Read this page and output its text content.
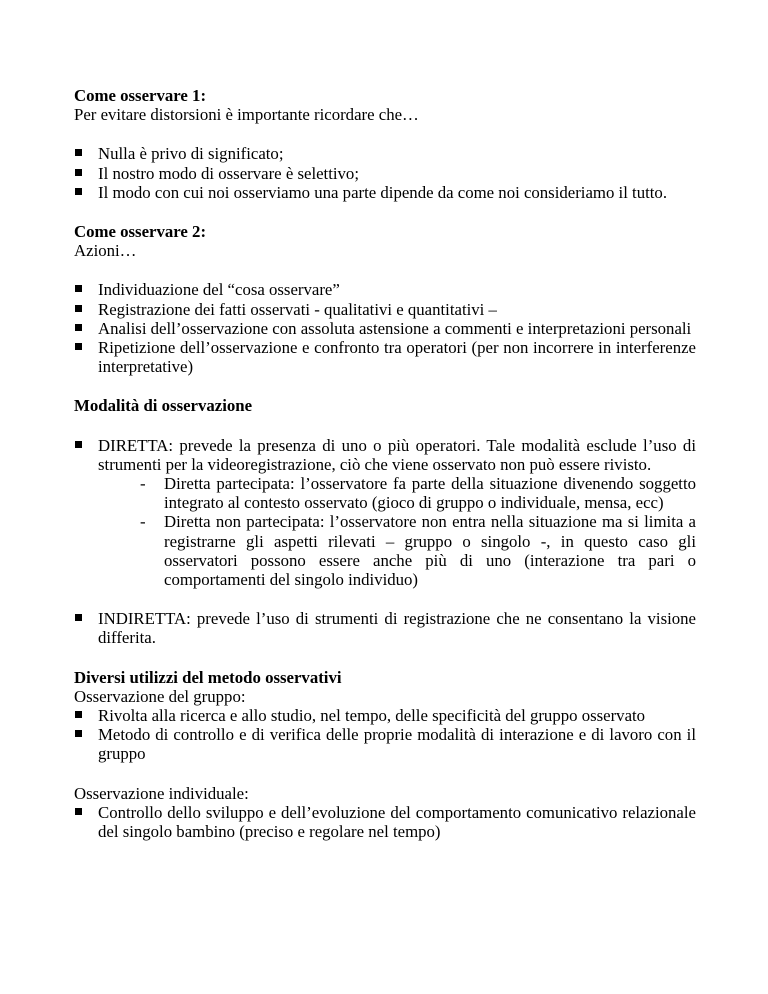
Come osservare 1:

Per evitare distorsioni è importante ricordare che…

Nulla è privo di significato;
Il nostro modo di osservare è selettivo;
Il modo con cui noi osserviamo una parte dipende da come noi consideriamo il tutto.

Come osservare 2:

Azioni…

Individuazione del “cosa osservare”
Registrazione dei fatti osservati - qualitativi e quantitativi –
Analisi dell’osservazione con assoluta astensione a commenti e interpretazioni personali
Ripetizione dell’osservazione e confronto tra operatori (per non incorrere in interferenze interpretative)

Modalità di osservazione

DIRETTA: prevede la presenza di uno o più operatori. Tale modalità esclude l’uso di strumenti per la videoregistrazione, ciò che viene osservato non può essere rivisto.
- Diretta partecipata: l’osservatore fa parte della situazione divenendo soggetto integrato al contesto osservato (gioco di gruppo o individuale, mensa, ecc)
- Diretta non partecipata: l’osservatore non entra nella situazione ma si limita a registrarne gli aspetti rilevati – gruppo o singolo -, in questo caso gli osservatori possono essere anche più di uno (interazione tra pari o comportamenti del singolo individuo)
INDIRETTA: prevede l’uso di strumenti di registrazione che ne consentano la visione differita.

Diversi utilizzi del metodo osservativi

Osservazione del gruppo:

Rivolta alla ricerca e allo studio, nel tempo, delle specificità del gruppo osservato
Metodo di controllo e di verifica delle proprie modalità di interazione e di lavoro con il gruppo

Osservazione individuale:

Controllo dello sviluppo e dell’evoluzione del comportamento comunicativo relazionale del singolo bambino (preciso e regolare nel tempo)
